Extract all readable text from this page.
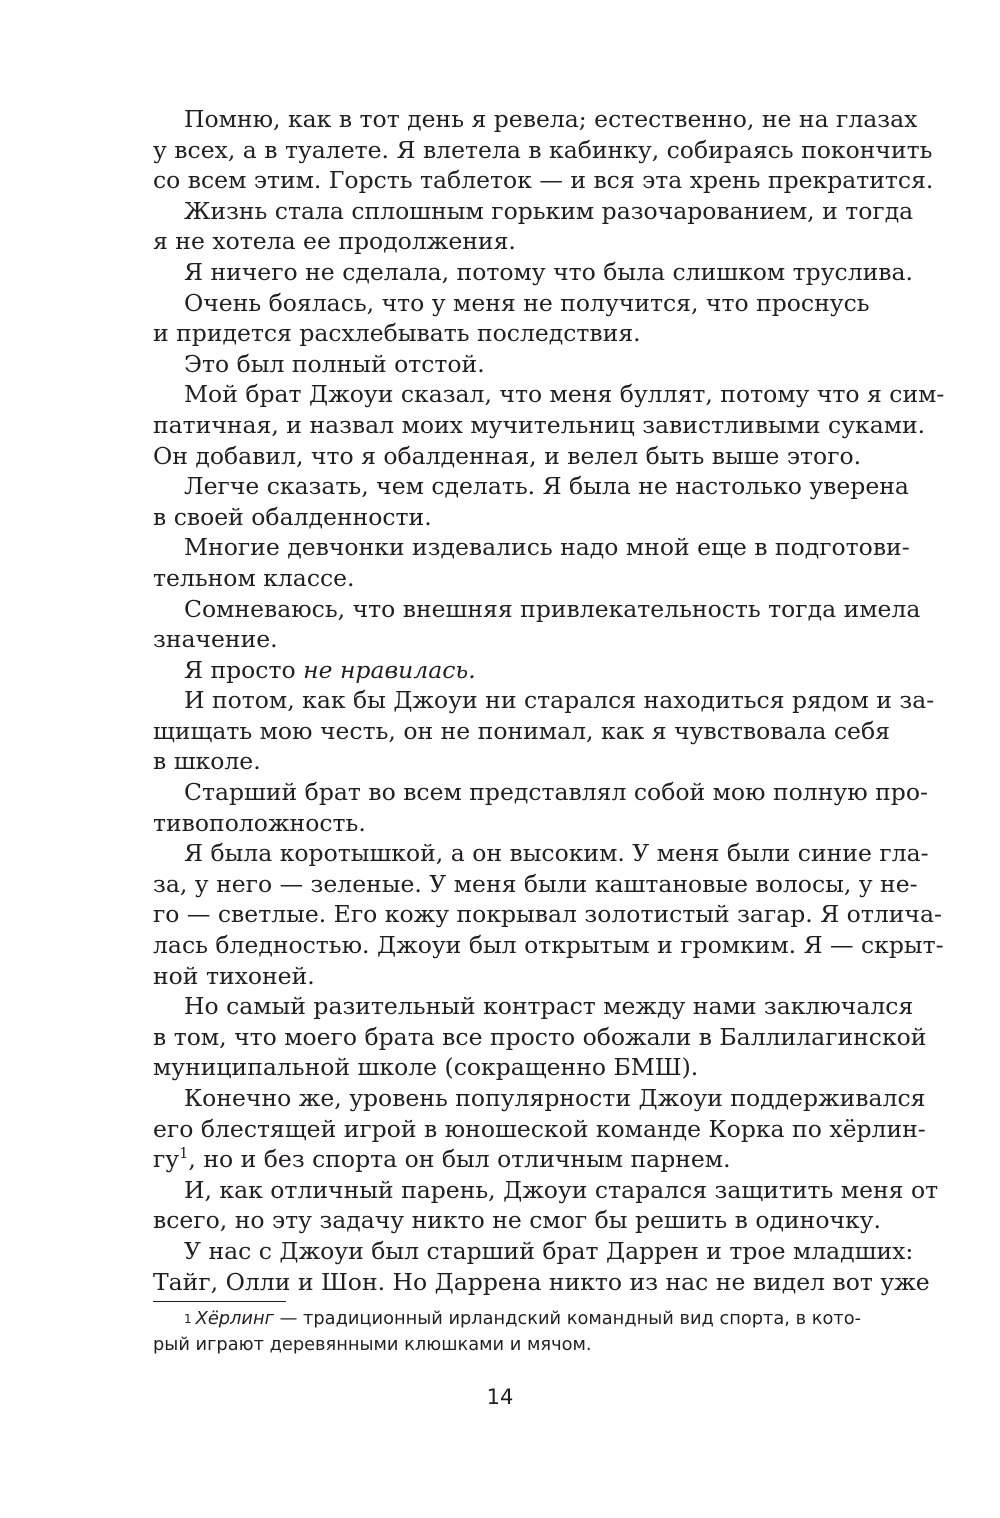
Помню, как в тот день я ревела; естественно, не на глазах
у всех, а в туалете. Я влетела в кабинку, собираясь покончить
со всем этим. Горсть таблеток — и вся эта хрень прекратится.
Жизнь стала сплошным горьким разочарованием, и тогда
я не хотела ее продолжения.
Я ничего не сделала, потому что была слишком труслива.
Очень боялась, что у меня не получится, что проснусь
и придется расхлебывать последствия.
Это был полный отстой.
Мой брат Джоуи сказал, что меня буллят, потому что я сим-
патичная, и назвал моих мучительниц завистливыми суками.
Он добавил, что я обалденная, и велел быть выше этого.
Легче сказать, чем сделать. Я была не настолько уверена
в своей обалденности.
Многие девчонки издевались надо мной еще в подготови-
тельном классе.
Сомневаюсь, что внешняя привлекательность тогда имела
значение.
Я просто не нравилась.
И потом, как бы Джоуи ни старался находиться рядом и за-
щищать мою честь, он не понимал, как я чувствовала себя
в школе.
Старший брат во всем представлял собой мою полную про-
тивоположность.
Я была коротышкой, а он высоким. У меня были синие гла-
за, у него — зеленые. У меня были каштановые волосы, у не-
го — светлые. Его кожу покрывал золотистый загар. Я отлича-
лась бледностью. Джоуи был открытым и громким. Я — скрыт-
ной тихоней.
Но самый разительный контраст между нами заключался
в том, что моего брата все просто обожали в Баллилагинской
муниципальной школе (сокращенно БМШ).
Конечно же, уровень популярности Джоуи поддерживался
его блестящей игрой в юношеской команде Корка по хёрлин-
$гу^1$, но и без спорта он был отличным парнем.
И, как отличный парень, Джоуи старался защитить меня от
всего, но эту задачу никто не смог бы решить в одиночку.
У нас с Джоуи был старший брат Даррен и трое младших:
Тайг, Олли и Шон. Но Даррена никто из нас не видел вот уже
$^1$ Хёрлинг — традиционный ирландский командный вид спорта, в кото-
рый играют деревянными клюшками и мячом.
14
